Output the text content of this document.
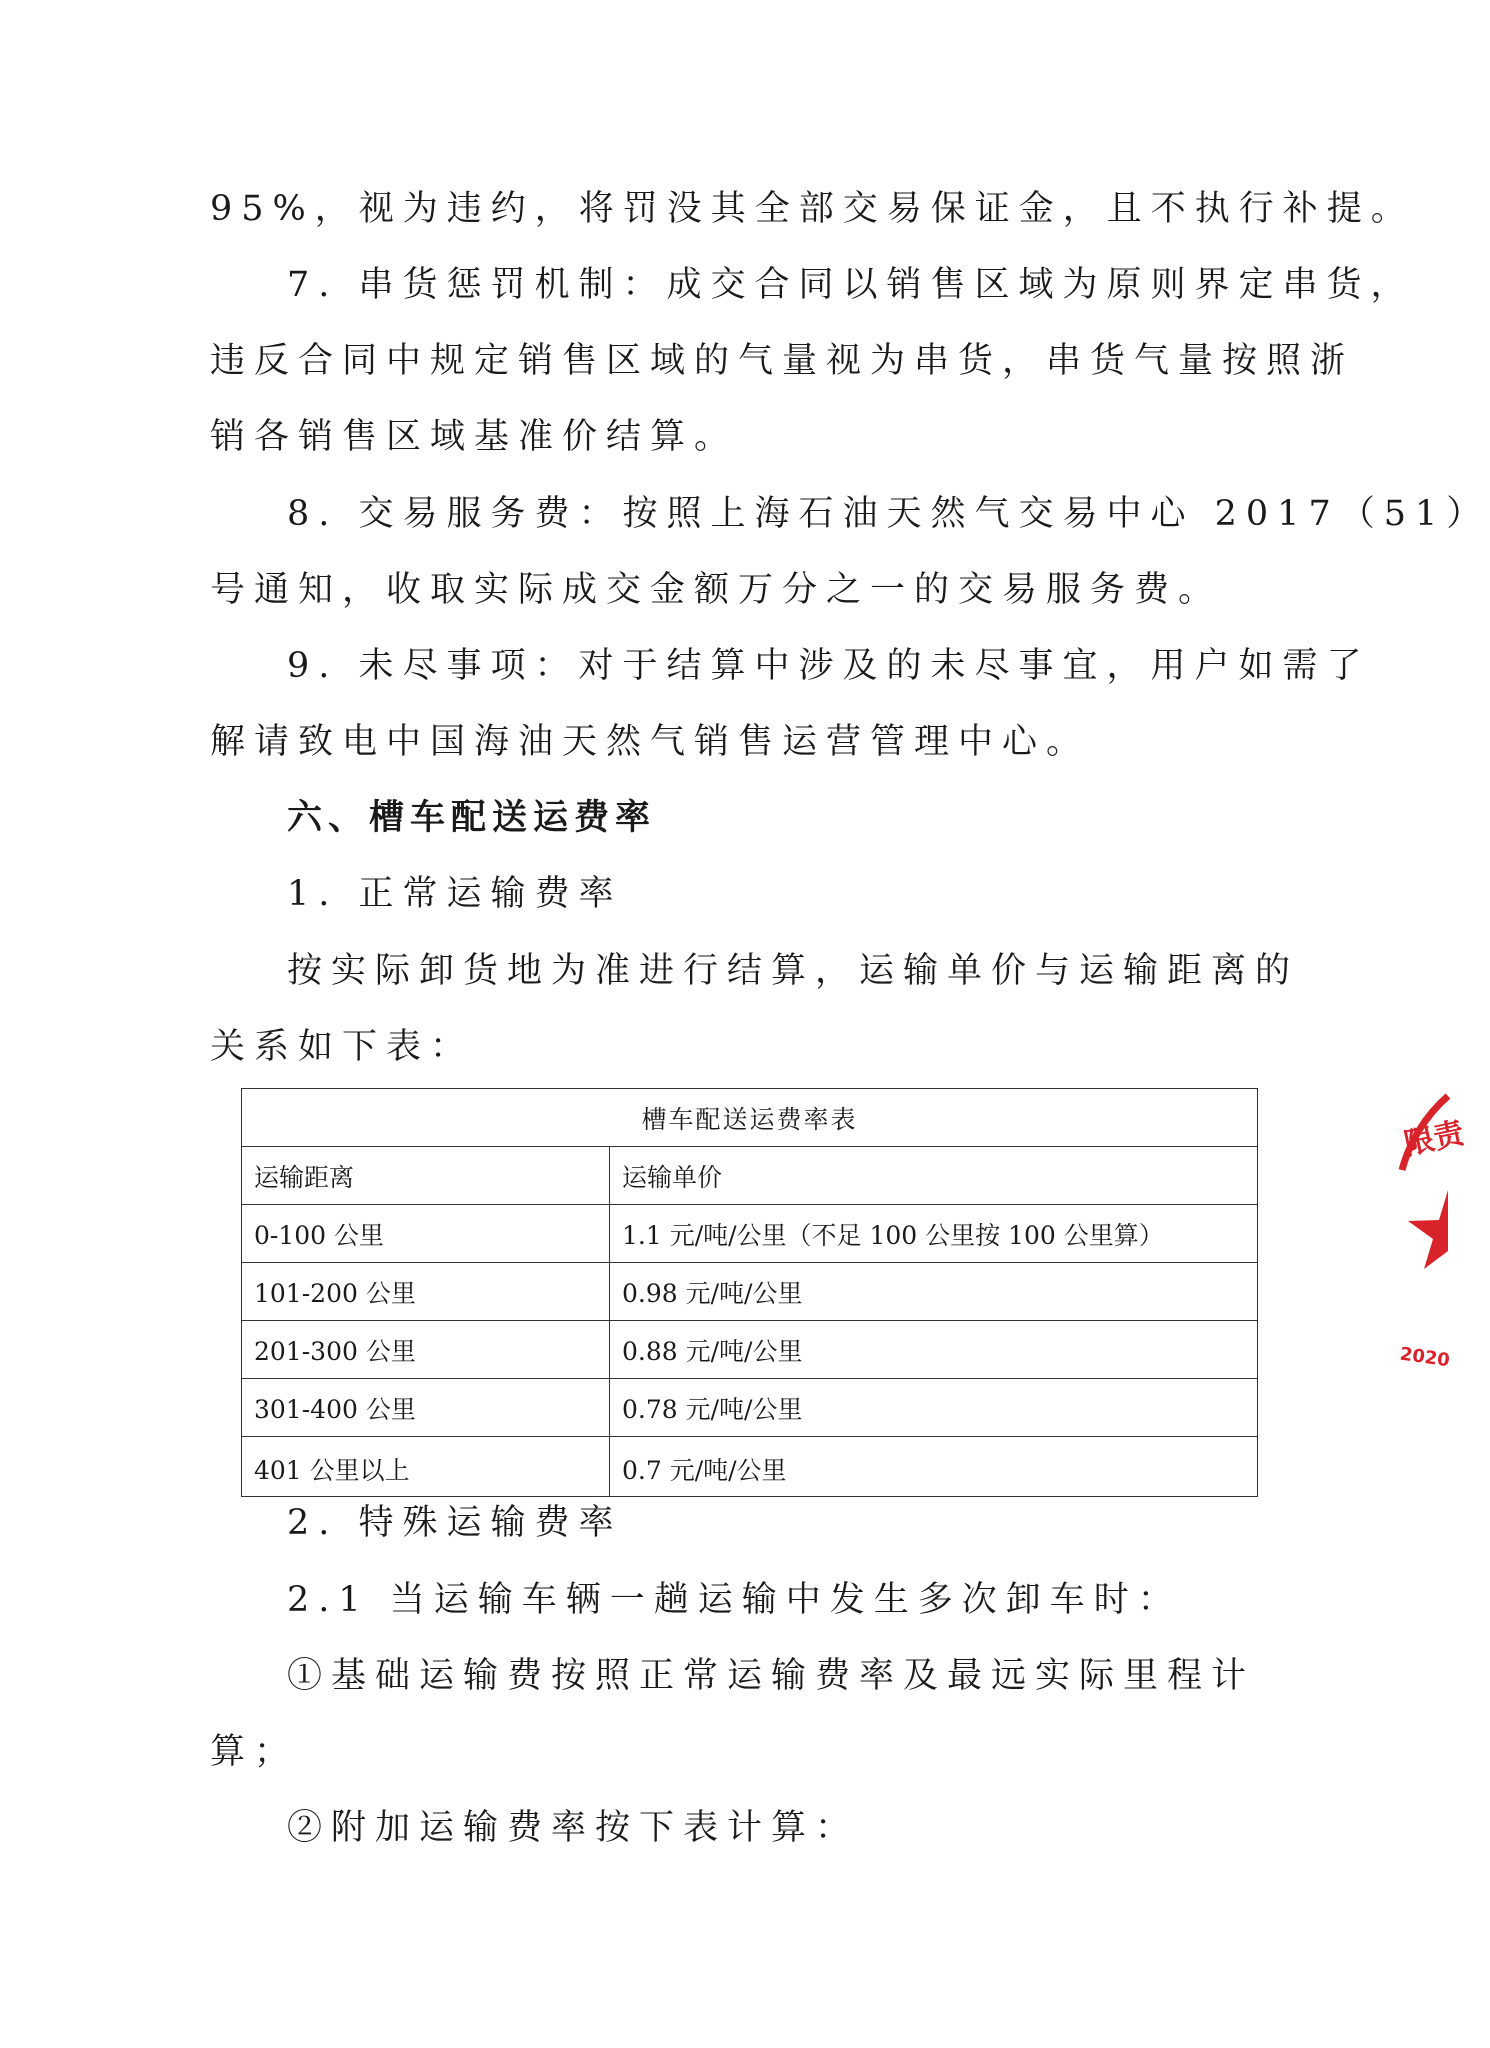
95%，视为违约，将罚没其全部交易保证金，且不执行补提。
7. 串货惩罚机制：成交合同以销售区域为原则界定串货，
违反合同中规定销售区域的气量视为串货，串货气量按照浙
销各销售区域基准价结算。
8. 交易服务费：按照上海石油天然气交易中心 2017（51）
号通知，收取实际成交金额万分之一的交易服务费。
9. 未尽事项：对于结算中涉及的未尽事宜，用户如需了
解请致电中国海油天然气销售运营管理中心。
六、槽车配送运费率
1. 正常运输费率
按实际卸货地为准进行结算，运输单价与运输距离的
关系如下表：
槽车配送运费率表	
运输距离	运输单价
0-100 公里	1.1 元/吨/公里（不足 100 公里按 100 公里算）
101-200 公里	0.98 元/吨/公里
201-300 公里	0.88 元/吨/公里
301-400 公里	0.78 元/吨/公里
401 公里以上	0.7 元/吨/公里
2. 特殊运输费率
2.1 当运输车辆一趟运输中发生多次卸车时：
①基础运输费按照正常运输费率及最远实际里程计
算；
②附加运输费率按下表计算：
限责
2020
